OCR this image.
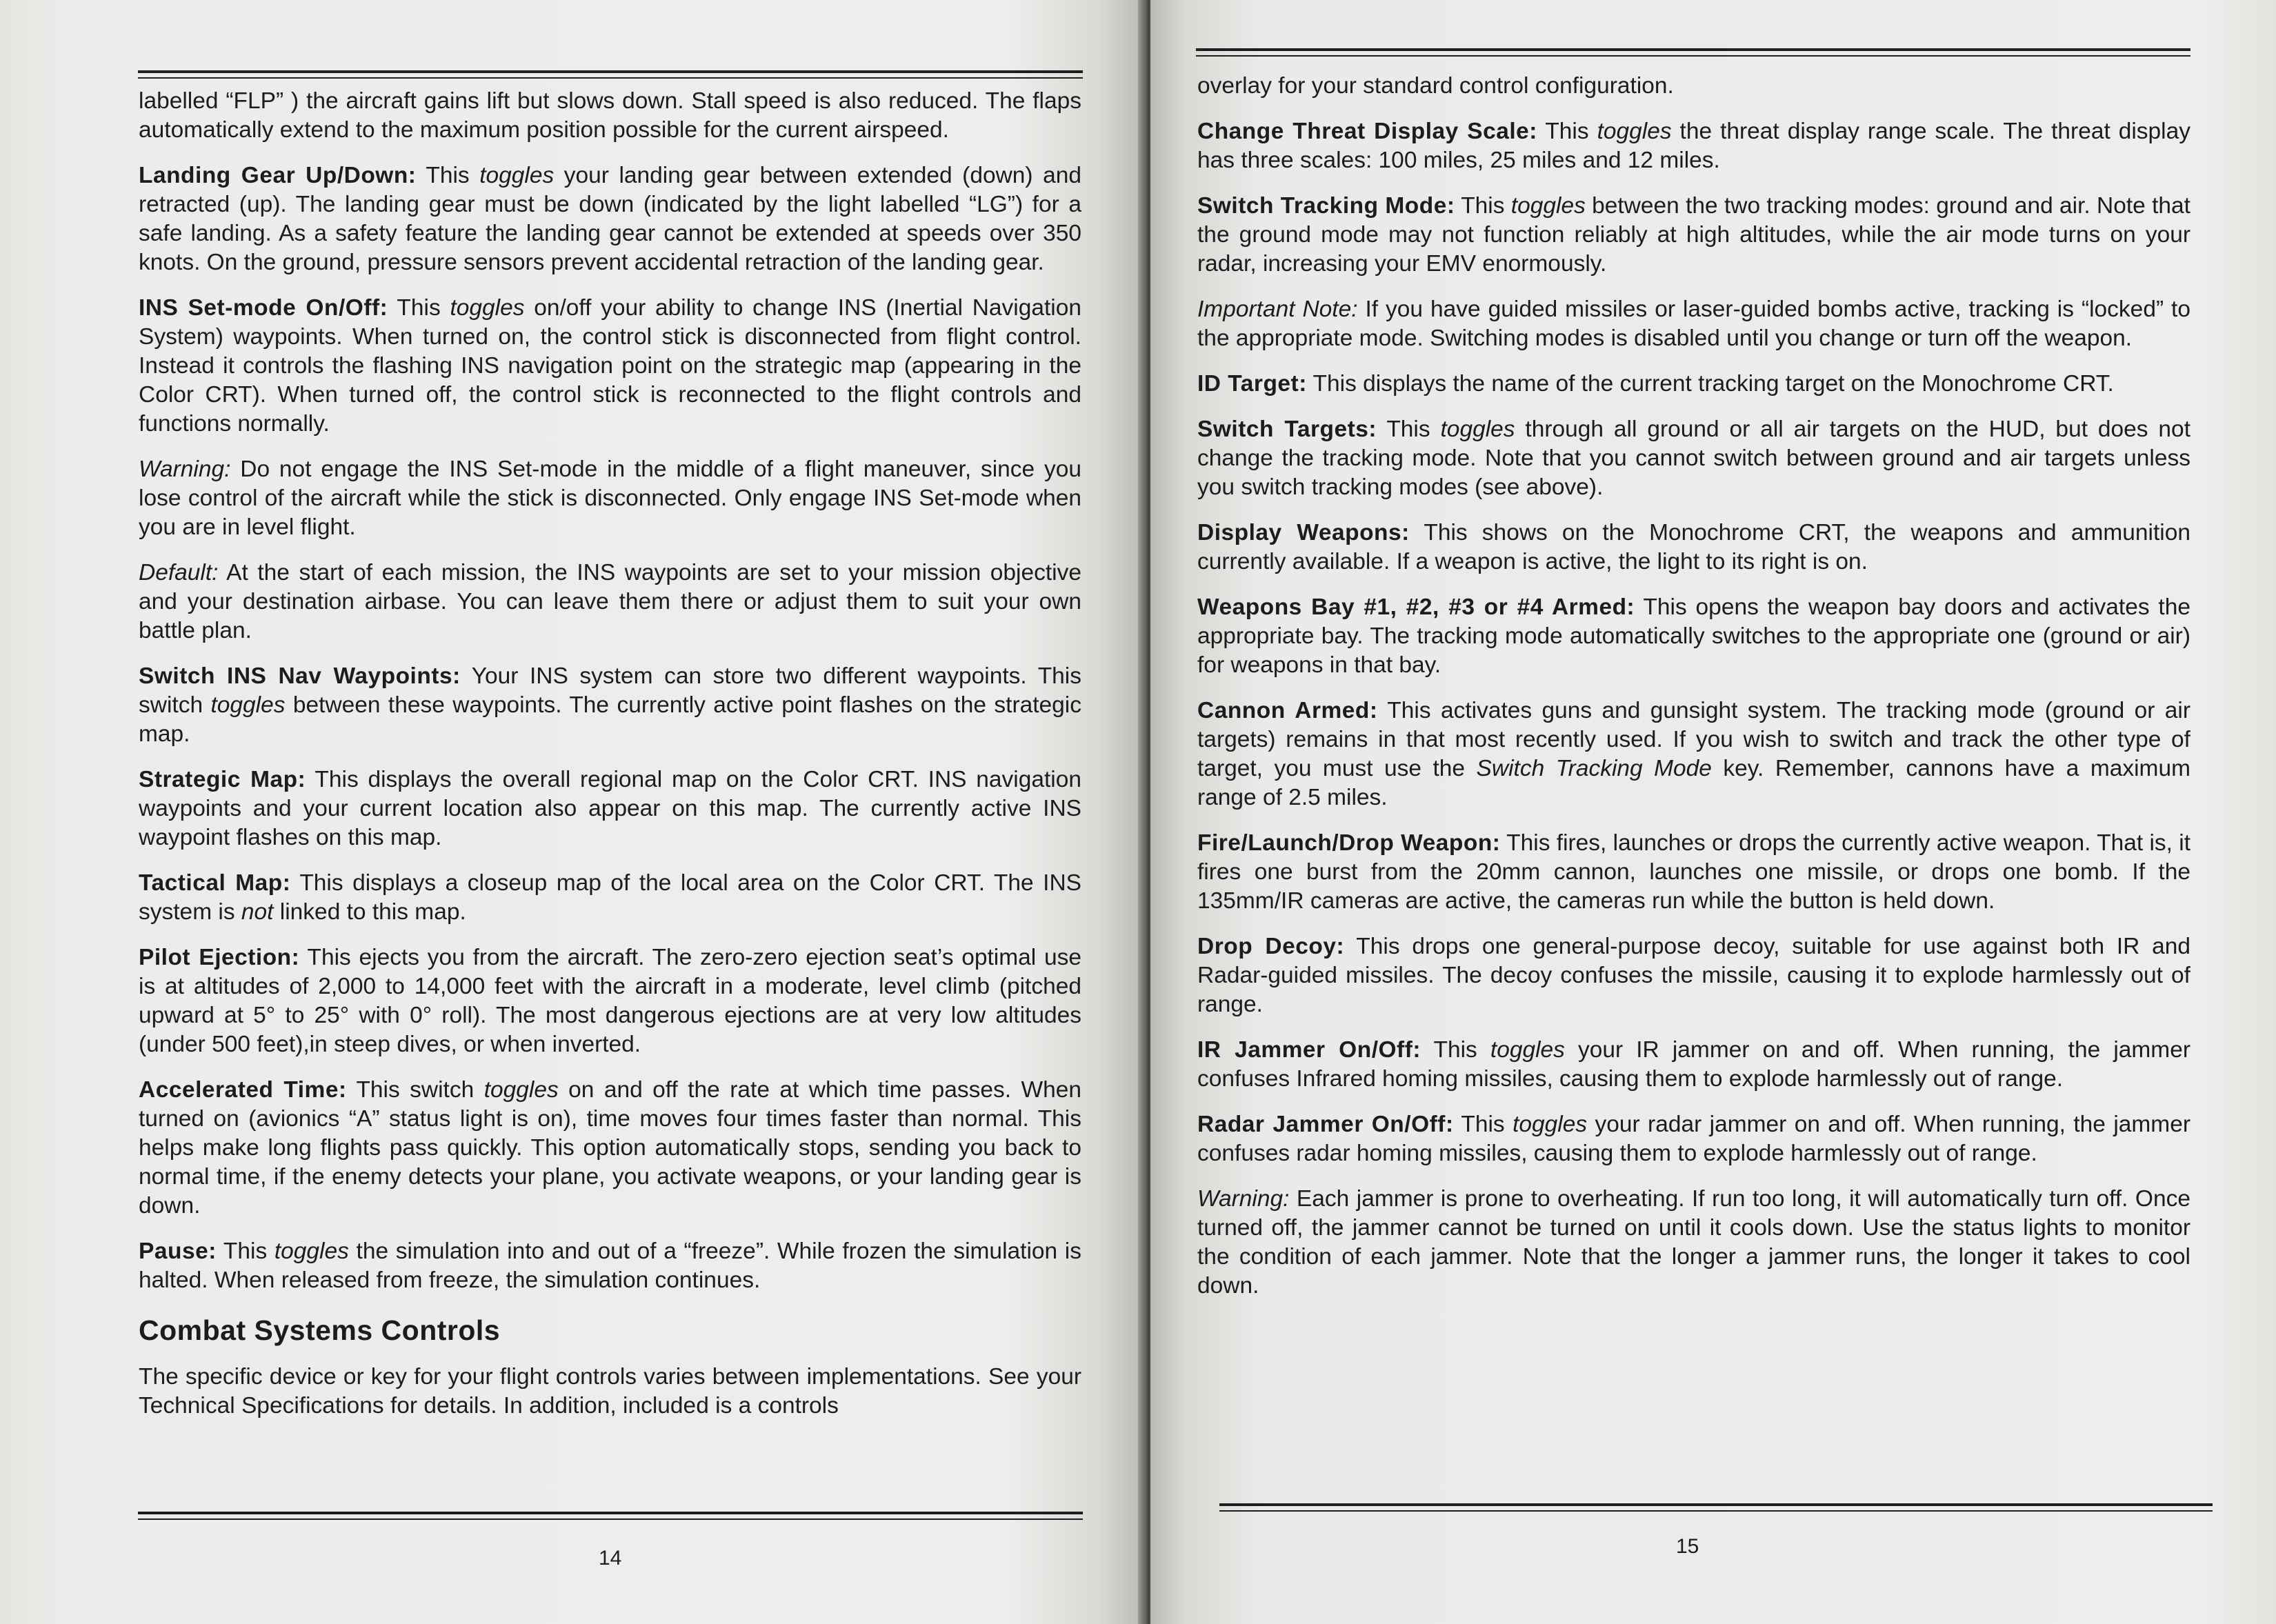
labelled “FLP” ) the aircraft gains lift but slows down. Stall speed is also reduced. The flaps automatically extend to the maximum position possible for the current airspeed.

Landing Gear Up/Down: This toggles your landing gear between extended (down) and retracted (up). The landing gear must be down (indicated by the light labelled “LG”) for a safe landing. As a safety feature the landing gear cannot be extended at speeds over 350 knots. On the ground, pressure sensors prevent accidental retraction of the landing gear.

INS Set-mode On/Off: This toggles on/off your ability to change INS (Inertial Navigation System) waypoints. When turned on, the control stick is disconnected from flight control. Instead it controls the flashing INS navigation point on the strategic map (appearing in the Color CRT). When turned off, the control stick is reconnected to the flight controls and functions normally.

Warning: Do not engage the INS Set-mode in the middle of a flight maneuver, since you lose control of the aircraft while the stick is disconnected. Only engage INS Set-mode when you are in level flight.

Default: At the start of each mission, the INS waypoints are set to your mission objective and your destination airbase. You can leave them there or adjust them to suit your own battle plan.

Switch INS Nav Waypoints: Your INS system can store two different waypoints. This switch toggles between these waypoints. The currently active point flashes on the strategic map.

Strategic Map: This displays the overall regional map on the Color CRT. INS navigation waypoints and your current location also appear on this map. The currently active INS waypoint flashes on this map.

Tactical Map: This displays a closeup map of the local area on the Color CRT. The INS system is not linked to this map.

Pilot Ejection: This ejects you from the aircraft. The zero-zero ejection seat’s optimal use is at altitudes of 2,000 to 14,000 feet with the aircraft in a moderate, level climb (pitched upward at 5° to 25° with 0° roll). The most dangerous ejections are at very low altitudes (under 500 feet),in steep dives, or when inverted.

Accelerated Time: This switch toggles on and off the rate at which time passes. When turned on (avionics “A” status light is on), time moves four times faster than normal. This helps make long flights pass quickly. This option automatically stops, sending you back to normal time, if the enemy detects your plane, you activate weapons, or your landing gear is down.

Pause: This toggles the simulation into and out of a “freeze”. While frozen the simulation is halted. When released from freeze, the simulation continues.

Combat Systems Controls

The specific device or key for your flight controls varies between implementations. See your Technical Specifications for details. In addition, included is a controls

14

overlay for your standard control configuration.

Change Threat Display Scale: This toggles the threat display range scale. The threat display has three scales: 100 miles, 25 miles and 12 miles.

Switch Tracking Mode: This toggles between the two tracking modes: ground and air. Note that the ground mode may not function reliably at high altitudes, while the air mode turns on your radar, increasing your EMV enormously.

Important Note: If you have guided missiles or laser-guided bombs active, tracking is “locked” to the appropriate mode. Switching modes is disabled until you change or turn off the weapon.

ID Target: This displays the name of the current tracking target on the Monochrome CRT.

Switch Targets: This toggles through all ground or all air targets on the HUD, but does not change the tracking mode. Note that you cannot switch between ground and air targets unless you switch tracking modes (see above).

Display Weapons: This shows on the Monochrome CRT, the weapons and ammunition currently available. If a weapon is active, the light to its right is on.

Weapons Bay #1, #2, #3 or #4 Armed: This opens the weapon bay doors and activates the appropriate bay. The tracking mode automatically switches to the appropriate one (ground or air) for weapons in that bay.

Cannon Armed: This activates guns and gunsight system. The tracking mode (ground or air targets) remains in that most recently used. If you wish to switch and track the other type of target, you must use the Switch Tracking Mode key. Remember, cannons have a maximum range of 2.5 miles.

Fire/Launch/Drop Weapon: This fires, launches or drops the currently active weapon. That is, it fires one burst from the 20mm cannon, launches one missile, or drops one bomb. If the 135mm/IR cameras are active, the cameras run while the button is held down.

Drop Decoy: This drops one general-purpose decoy, suitable for use against both IR and Radar-guided missiles. The decoy confuses the missile, causing it to explode harmlessly out of range.

IR Jammer On/Off: This toggles your IR jammer on and off. When running, the jammer confuses Infrared homing missiles, causing them to explode harmlessly out of range.

Radar Jammer On/Off: This toggles your radar jammer on and off. When running, the jammer confuses radar homing missiles, causing them to explode harmlessly out of range.

Warning: Each jammer is prone to overheating. If run too long, it will automatically turn off. Once turned off, the jammer cannot be turned on until it cools down. Use the status lights to monitor the condition of each jammer. Note that the longer a jammer runs, the longer it takes to cool down.

15
